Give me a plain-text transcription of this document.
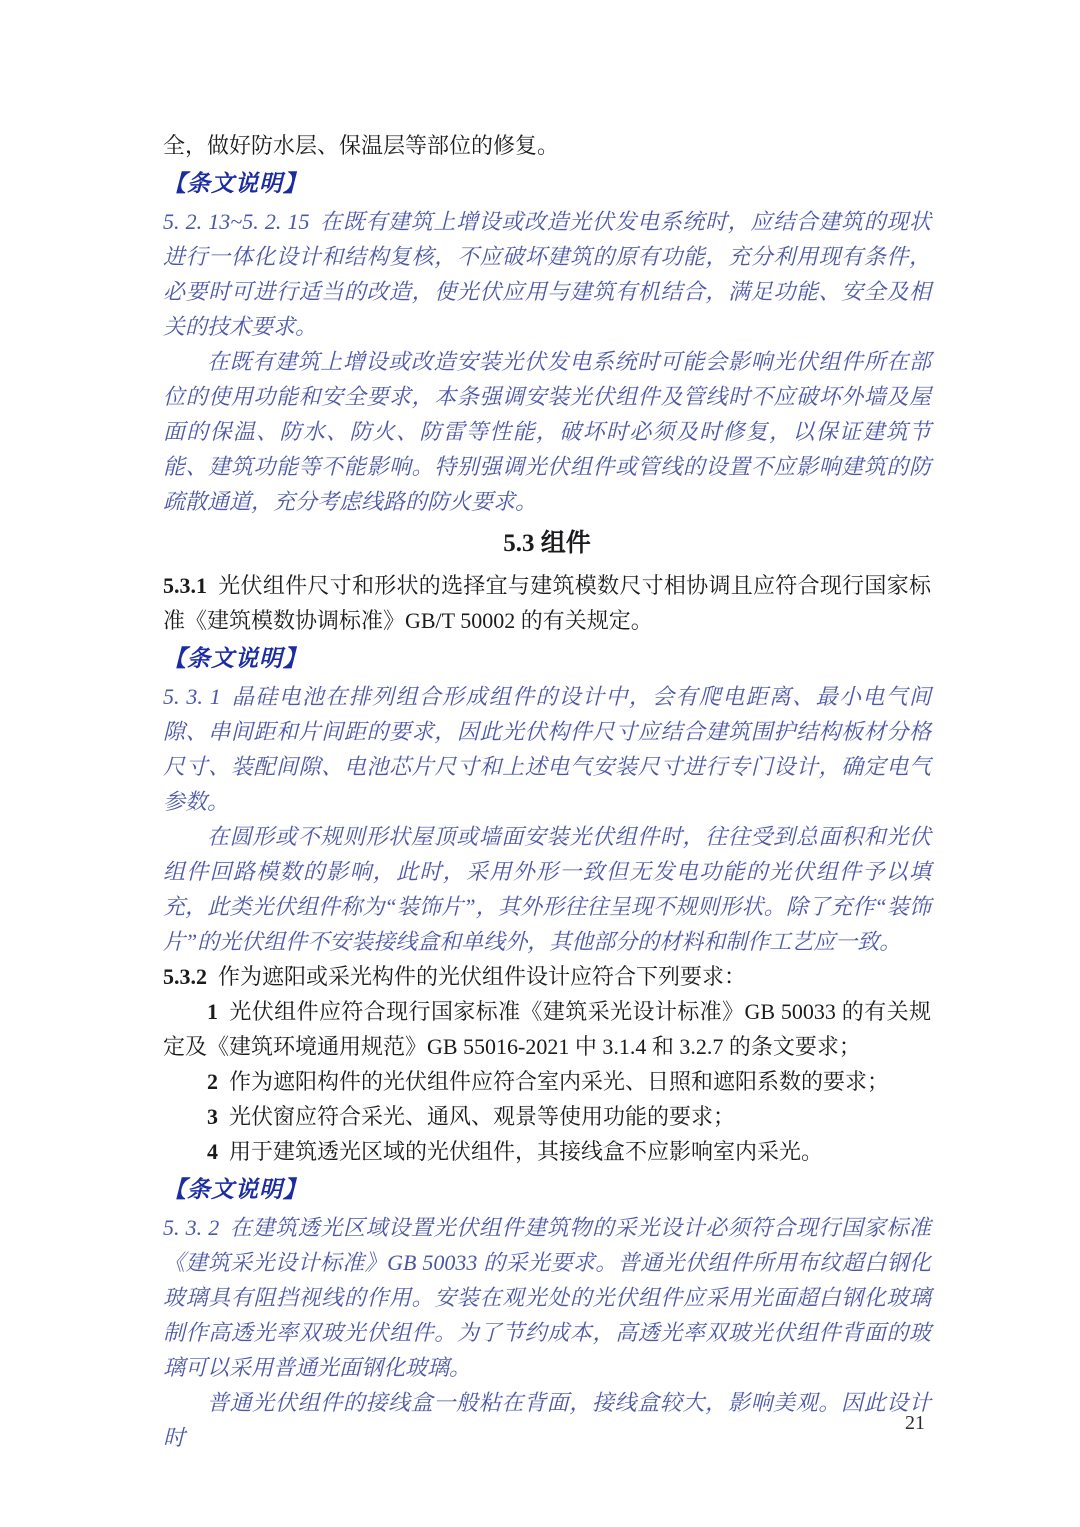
全，做好防水层、保温层等部位的修复。

【条文说明】

5. 2. 13~5. 2. 15 在既有建筑上增设或改造光伏发电系统时，应结合建筑的现状进行一体化设计和结构复核，不应破坏建筑的原有功能，充分利用现有条件，必要时可进行适当的改造，使光伏应用与建筑有机结合，满足功能、安全及相关的技术要求。

在既有建筑上增设或改造安装光伏发电系统时可能会影响光伏组件所在部位的使用功能和安全要求，本条强调安装光伏组件及管线时不应破坏外墙及屋面的保温、防水、防火、防雷等性能，破坏时必须及时修复，以保证建筑节能、建筑功能等不能影响。特别强调光伏组件或管线的设置不应影响建筑的防疏散通道，充分考虑线路的防火要求。

5.3 组件

5.3.1 光伏组件尺寸和形状的选择宜与建筑模数尺寸相协调且应符合现行国家标准《建筑模数协调标准》GB/T 50002 的有关规定。

【条文说明】

5. 3. 1 晶硅电池在排列组合形成组件的设计中，会有爬电距离、最小电气间隙、串间距和片间距的要求，因此光伏构件尺寸应结合建筑围护结构板材分格尺寸、装配间隙、电池芯片尺寸和上述电气安装尺寸进行专门设计，确定电气参数。

在圆形或不规则形状屋顶或墙面安装光伏组件时，往往受到总面积和光伏组件回路模数的影响，此时，采用外形一致但无发电功能的光伏组件予以填充，此类光伏组件称为“装饰片”，其外形往往呈现不规则形状。除了充作“装饰片”的光伏组件不安装接线盒和单线外，其他部分的材料和制作工艺应一致。

5.3.2 作为遮阳或采光构件的光伏组件设计应符合下列要求：

1 光伏组件应符合现行国家标准《建筑采光设计标准》GB 50033 的有关规定及《建筑环境通用规范》GB 55016-2021 中 3.1.4 和 3.2.7 的条文要求；

2 作为遮阳构件的光伏组件应符合室内采光、日照和遮阳系数的要求；

3 光伏窗应符合采光、通风、观景等使用功能的要求；

4 用于建筑透光区域的光伏组件，其接线盒不应影响室内采光。

【条文说明】

5. 3. 2 在建筑透光区域设置光伏组件建筑物的采光设计必须符合现行国家标准《建筑采光设计标准》GB 50033 的采光要求。普通光伏组件所用布纹超白钢化玻璃具有阻挡视线的作用。安装在观光处的光伏组件应采用光面超白钢化玻璃制作高透光率双玻光伏组件。为了节约成本，高透光率双玻光伏组件背面的玻璃可以采用普通光面钢化玻璃。

普通光伏组件的接线盒一般粘在背面，接线盒较大，影响美观。因此设计时

21
